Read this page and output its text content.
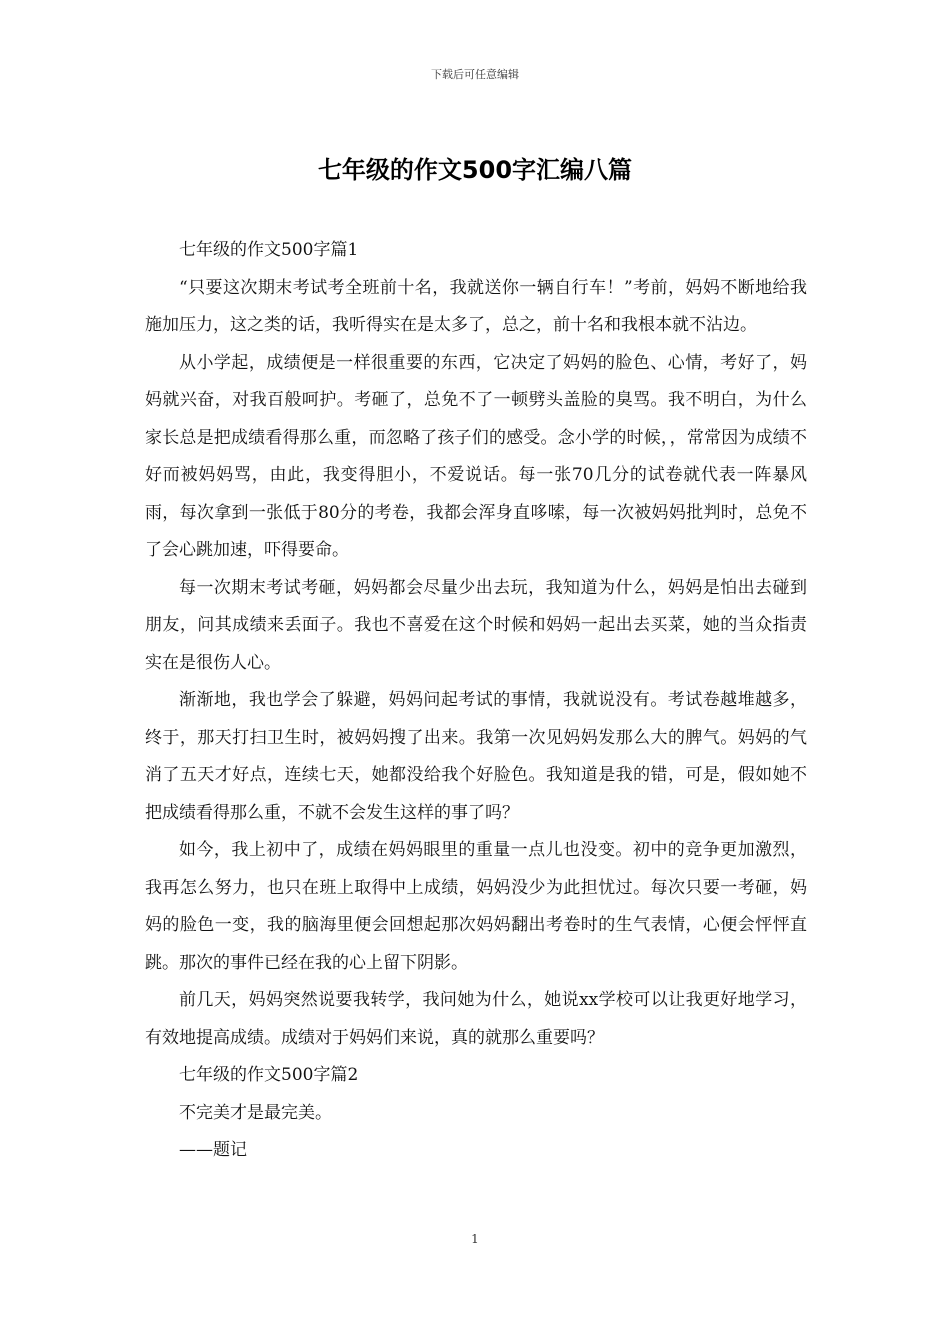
下载后可任意编辑
七年级的作文500字汇编八篇

七年级的作文500字篇1

“只要这次期末考试考全班前十名，我就送你一辆自行车！”考前，妈妈不断地给我施加压力，这之类的话，我听得实在是太多了，总之，前十名和我根本就不沾边。

从小学起，成绩便是一样很重要的东西，它决定了妈妈的脸色、心情，考好了，妈妈就兴奋，对我百般呵护。考砸了，总免不了一顿劈头盖脸的臭骂。我不明白，为什么家长总是把成绩看得那么重，而忽略了孩子们的感受。念小学的时候，，常常因为成绩不好而被妈妈骂，由此，我变得胆小，不爱说话。每一张70几分的试卷就代表一阵暴风雨，每次拿到一张低于80分的考卷，我都会浑身直哆嗦，每一次被妈妈批判时，总免不了会心跳加速，吓得要命。

每一次期末考试考砸，妈妈都会尽量少出去玩，我知道为什么，妈妈是怕出去碰到朋友，问其成绩来丢面子。我也不喜爱在这个时候和妈妈一起出去买菜，她的当众指责实在是很伤人心。

渐渐地，我也学会了躲避，妈妈问起考试的事情，我就说没有。考试卷越堆越多，终于，那天打扫卫生时，被妈妈搜了出来。我第一次见妈妈发那么大的脾气。妈妈的气消了五天才好点，连续七天，她都没给我个好脸色。我知道是我的错，可是，假如她不把成绩看得那么重，不就不会发生这样的事了吗？

如今，我上初中了，成绩在妈妈眼里的重量一点儿也没变。初中的竞争更加激烈，我再怎么努力，也只在班上取得中上成绩，妈妈没少为此担忧过。每次只要一考砸，妈妈的脸色一变，我的脑海里便会回想起那次妈妈翻出考卷时的生气表情，心便会怦怦直跳。那次的事件已经在我的心上留下阴影。

前几天，妈妈突然说要我转学，我问她为什么，她说xx学校可以让我更好地学习，有效地提高成绩。成绩对于妈妈们来说，真的就那么重要吗？

七年级的作文500字篇2

不完美才是最完美。

——题记

1
